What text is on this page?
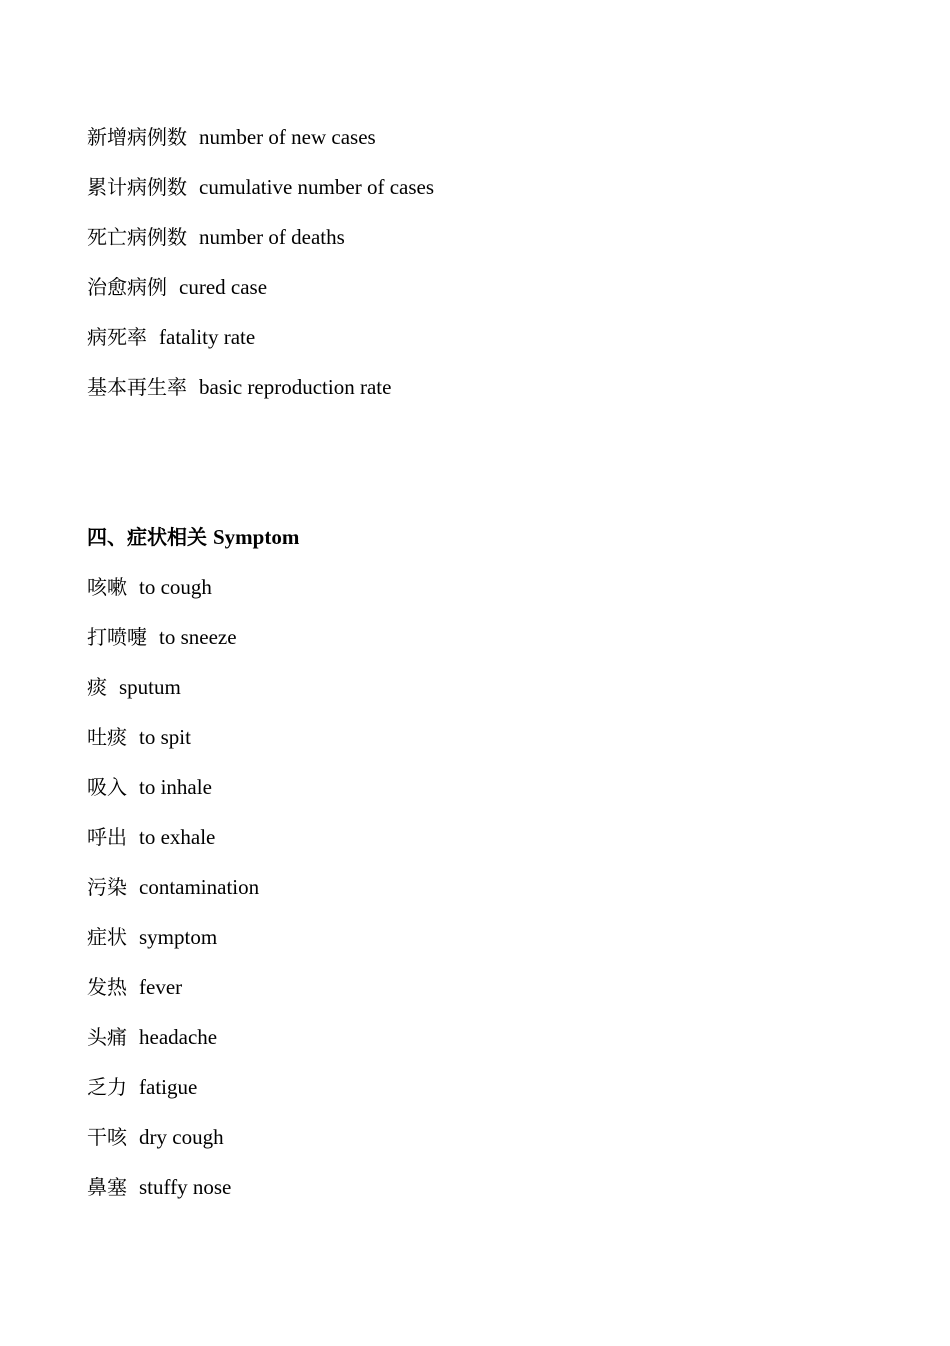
新增病例数 number of new cases
累计病例数 cumulative number of cases
死亡病例数 number of deaths
治愈病例 cured case
病死率 fatality rate
基本再生率 basic reproduction rate
四、症状相关 Symptom
咳嗽 to cough
打喷嚏 to sneeze
痰 sputum
吐痰 to spit
吸入 to inhale
呼出 to exhale
污染 contamination
症状 symptom
发热 fever
头痛 headache
乏力 fatigue
干咳 dry cough
鼻塞 stuffy nose
